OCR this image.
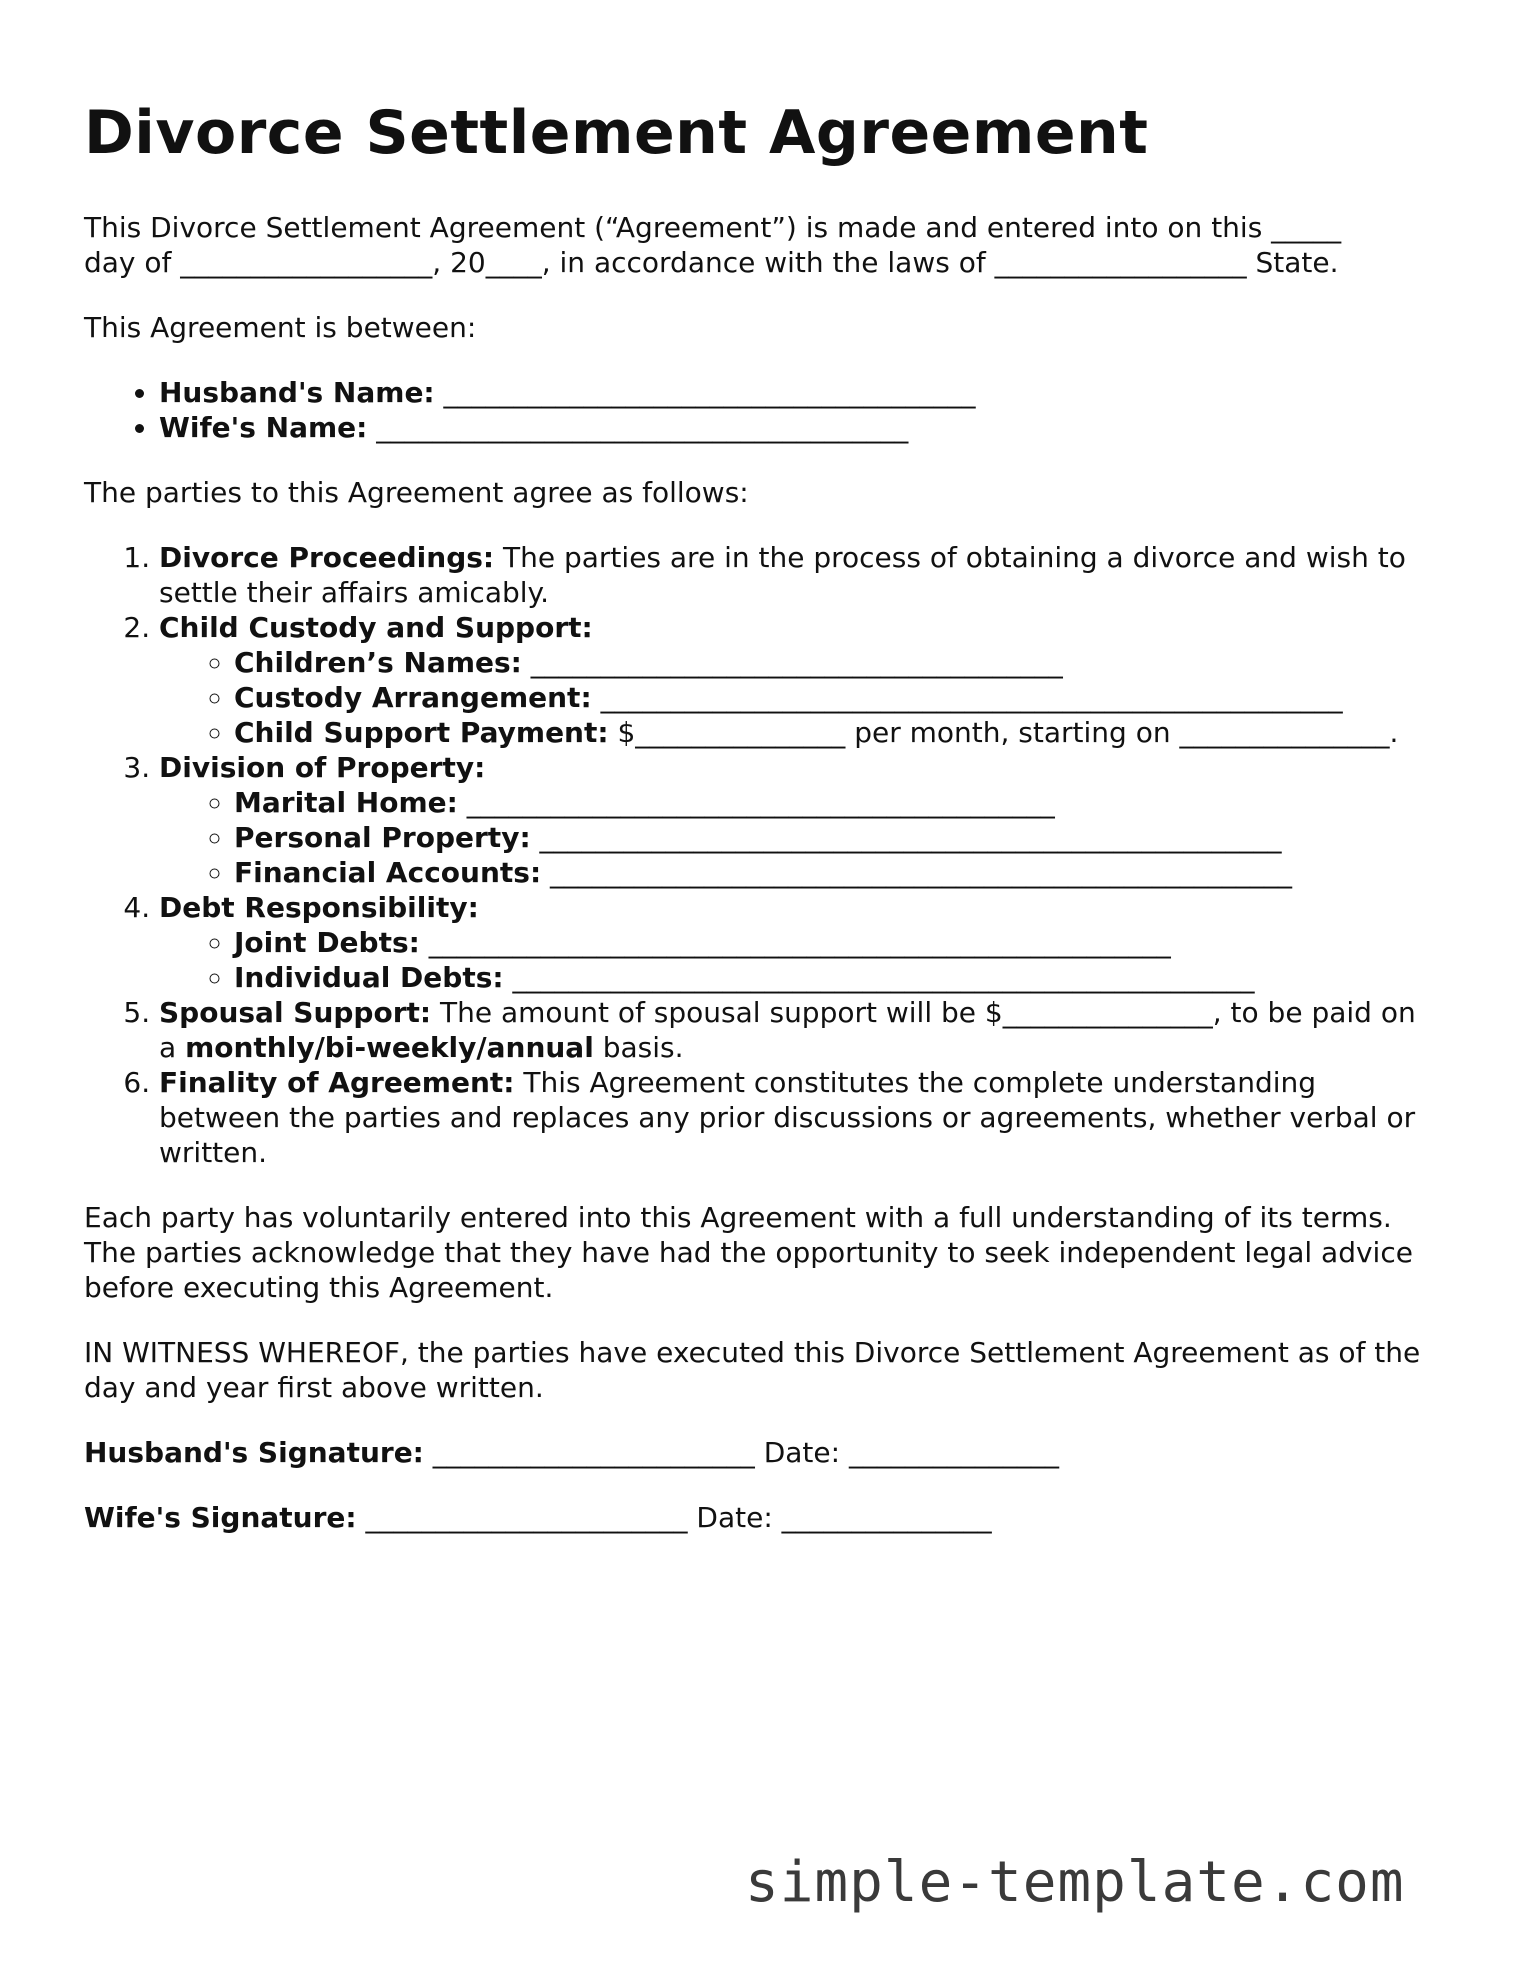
Divorce Settlement Agreement

This Divorce Settlement Agreement (“Agreement”) is made and entered into on this _____
day of __________________, 20____, in accordance with the laws of __________________ State.

This Agreement is between:

• Husband's Name: ______________________________________
• Wife's Name: ______________________________________

The parties to this Agreement agree as follows:

1. Divorce Proceedings: The parties are in the process of obtaining a divorce and wish to settle their affairs amicably.
2. Child Custody and Support:
◦ Children’s Names: ______________________________________
◦ Custody Arrangement: _____________________________________________________
◦ Child Support Payment: $_______________ per month, starting on _______________.
3. Division of Property:
◦ Marital Home: __________________________________________
◦ Personal Property: _____________________________________________________
◦ Financial Accounts: _____________________________________________________
4. Debt Responsibility:
◦ Joint Debts: _____________________________________________________
◦ Individual Debts: _____________________________________________________
5. Spousal Support: The amount of spousal support will be $_______________, to be paid on a monthly/bi-weekly/annual basis.
6. Finality of Agreement: This Agreement constitutes the complete understanding between the parties and replaces any prior discussions or agreements, whether verbal or written.

Each party has voluntarily entered into this Agreement with a full understanding of its terms. The parties acknowledge that they have had the opportunity to seek independent legal advice before executing this Agreement.

IN WITNESS WHEREOF, the parties have executed this Divorce Settlement Agreement as of the day and year first above written.

Husband's Signature: _______________________ Date: _______________
Wife's Signature: _______________________ Date: _______________
simple-template.com
